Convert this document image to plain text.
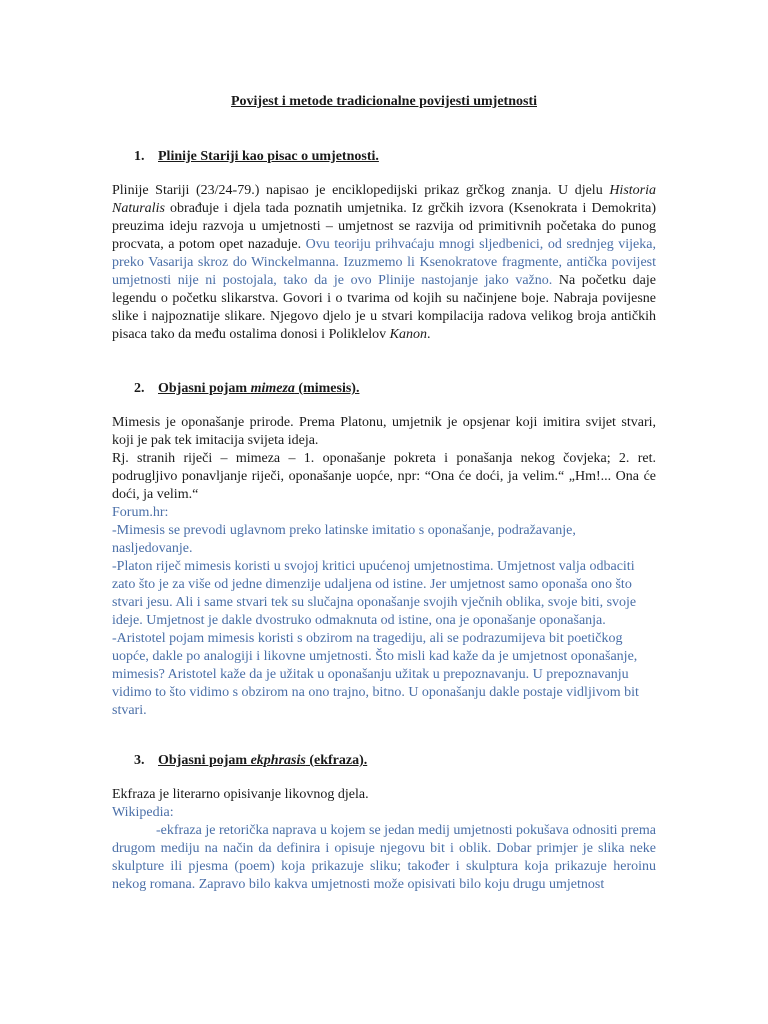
Povijest i metode tradicionalne povijesti umjetnosti
1. Plinije Stariji kao pisac o umjetnosti.

Plinije Stariji (23/24-79.) napisao je enciklopedijski prikaz grčkog znanja. U djelu Historia Naturalis obrađuje i djela tada poznatih umjetnika. Iz grčkih izvora (Ksenokrata i Demokrita) preuzima ideju razvoja u umjetnosti – umjetnost se razvija od primitivnih početaka do punog procvata, a potom opet nazaduje. Ovu teoriju prihvaćaju mnogi sljedbenici, od srednjeg vijeka, preko Vasarija skroz do Winckelmanna. Izuzmemo li Ksenokratove fragmente, antička povijest umjetnosti nije ni postojala, tako da je ovo Plinije nastojanje jako važno. Na početku daje legendu o početku slikarstva. Govori i o tvarima od kojih su načinjene boje. Nabraja povijesne slike i najpoznatije slikare. Njegovo djelo je u stvari kompilacija radova velikog broja antičkih pisaca tako da među ostalima donosi i Poliklelov Kanon.

2. Objasni pojam mimeza (mimesis).

Mimesis je oponašanje prirode. Prema Platonu, umjetnik je opsjenar koji imitira svijet stvari, koji je pak tek imitacija svijeta ideja.

Rj. stranih riječi – mimeza – 1. oponašanje pokreta i ponašanja nekog čovjeka; 2. ret. podrugljivo ponavljanje riječi, oponašanje uopće, npr: “Ona će doći, ja velim.“ „Hm!... Ona će doći, ja velim.“

Forum.hr:

-Mimesis se prevodi uglavnom preko latinske imitatio s oponašanje, podražavanje, nasljedovanje.

-Platon riječ mimesis koristi u svojoj kritici upućenoj umjetnostima. Umjetnost valja odbaciti zato što je za više od jedne dimenzije udaljena od istine. Jer umjetnost samo oponaša ono što stvari jesu. Ali i same stvari tek su slučajna oponašanje svojih vječnih oblika, svoje biti, svoje ideje. Umjetnost je dakle dvostruko odmaknuta od istine, ona je oponašanje oponašanja.

-Aristotel pojam mimesis koristi s obzirom na tragediju, ali se podrazumijeva bit poetičkog uopće, dakle po analogiji i likovne umjetnosti. Što misli kad kaže da je umjetnost oponašanje, mimesis? Aristotel kaže da je užitak u oponašanju užitak u prepoznavanju. U prepoznavanju vidimo to što vidimo s obzirom na ono trajno, bitno. U oponašanju dakle postaje vidljivom bit stvari.

3. Objasni pojam ekphrasis (ekfraza).

Ekfraza je literarno opisivanje likovnog djela.

Wikipedia:

-ekfraza je retorička naprava u kojem se jedan medij umjetnosti pokušava odnositi prema drugom mediju na način da definira i opisuje njegovu bit i oblik. Dobar primjer je slika neke skulpture ili pjesma (poem) koja prikazuje sliku; također i skulptura koja prikazuje heroinu nekog romana. Zapravo bilo kakva umjetnosti može opisivati bilo koju drugu umjetnost
